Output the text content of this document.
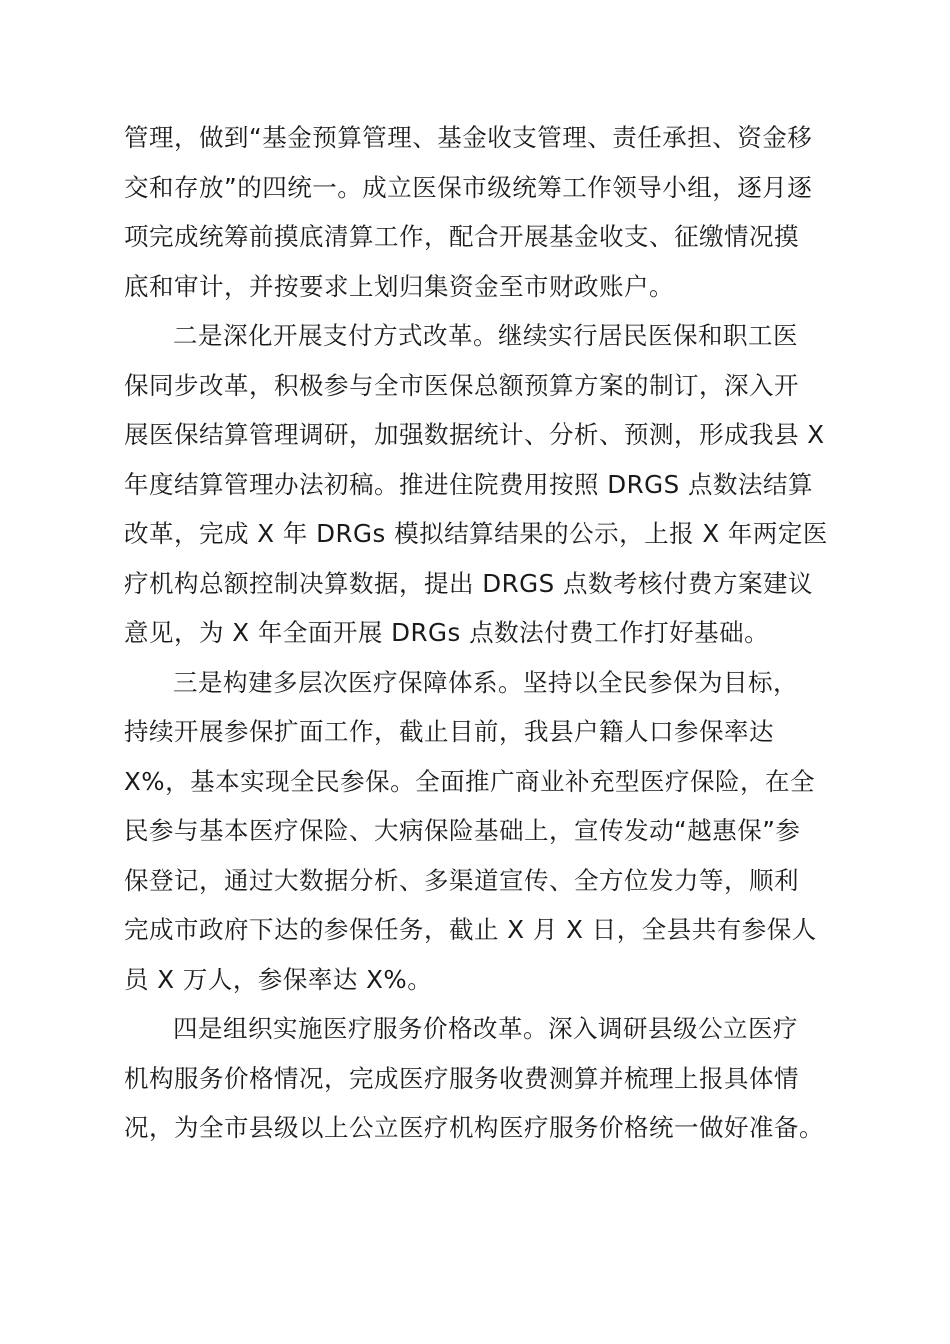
管理，做到“基金预算管理、基金收支管理、责任承担、资金移
交和存放”的四统一。成立医保市级统筹工作领导小组，逐月逐
项完成统筹前摸底清算工作，配合开展基金收支、征缴情况摸
底和审计，并按要求上划归集资金至市财政账户。

二是深化开展支付方式改革。继续实行居民医保和职工医
保同步改革，积极参与全市医保总额预算方案的制订，深入开
展医保结算管理调研，加强数据统计、分析、预测，形成我县 X
年度结算管理办法初稿。推进住院费用按照 DRGS 点数法结算
改革，完成 X 年 DRGs 模拟结算结果的公示，上报 X 年两定医
疗机构总额控制决算数据，提出 DRGS 点数考核付费方案建议
意见，为 X 年全面开展 DRGs 点数法付费工作打好基础。

三是构建多层次医疗保障体系。坚持以全民参保为目标，
持续开展参保扩面工作，截止目前，我县户籍人口参保率达
X%，基本实现全民参保。全面推广商业补充型医疗保险，在全
民参与基本医疗保险、大病保险基础上，宣传发动“越惠保”参
保登记，通过大数据分析、多渠道宣传、全方位发力等，顺利
完成市政府下达的参保任务，截止 X 月 X 日，全县共有参保人
员 X 万人，参保率达 X%。

四是组织实施医疗服务价格改革。深入调研县级公立医疗
机构服务价格情况，完成医疗服务收费测算并梳理上报具体情
况，为全市县级以上公立医疗机构医疗服务价格统一做好准备。
